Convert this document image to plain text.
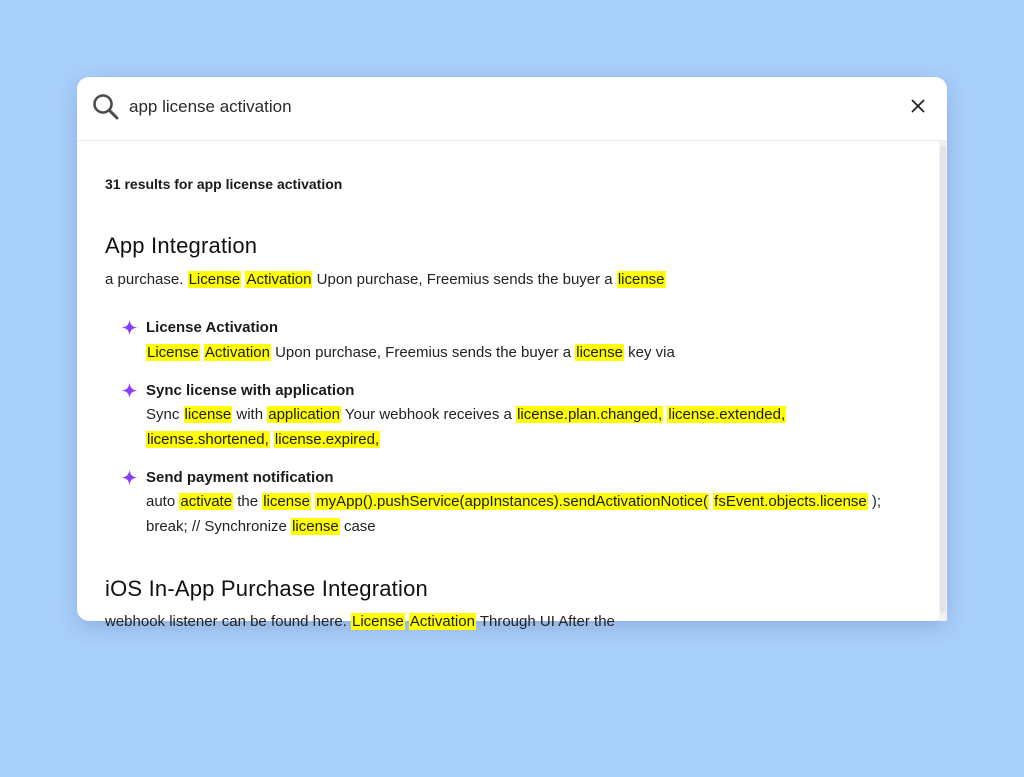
app license activation
31 results for app license activation
App Integration
a purchase. License Activation Upon purchase, Freemius sends the buyer a license
License Activation
License Activation Upon purchase, Freemius sends the buyer a license key via
Sync license with application
Sync license with application Your webhook receives a license.plan.changed, license.extended,
license.shortened, license.expired,
Send payment notification
auto activate the license myApp().pushService(appInstances).sendActivationNotice( fsEvent.objects.license );
break; // Synchronize license case
iOS In-App Purchase Integration
webhook listener can be found here. License Activation Through UI After the
